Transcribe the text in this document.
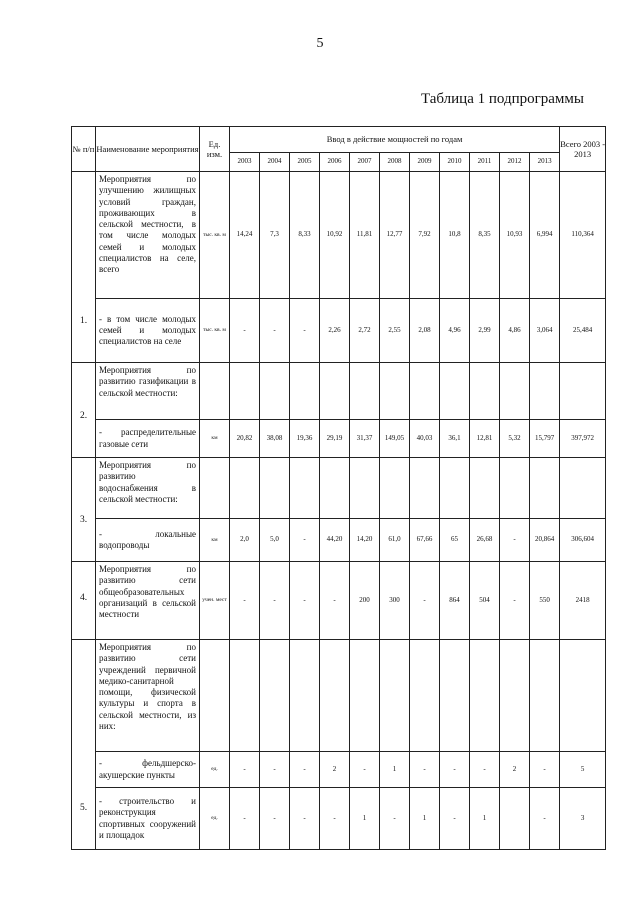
5
Таблица 1 подпрограммы
№ п/п	Наименование мероприятия	Ед. изм.	Ввод в действие мощностей по годам											Всего 2003 - 2013
			2003	2004	2005	2006	2007	2008	2009	2010	2011	2012	2013	
1.	Мероприятия по улучшению жилищных условий граждан, проживающих в сельской местности, в том числе молодых семей и молодых специалистов на селе, всего	тыс. кв. м	14,24	7,3	8,33	10,92	11,81	12,77	7,92	10,8	8,35	10,93	6,994	110,364
	- в том числе молодых семей и молодых специалистов на селе	тыс. кв. м	-	-	-	2,26	2,72	2,55	2,08	4,96	2,99	4,86	3,064	25,484
2.	Мероприятия по развитию газификации в сельской местности:													
	- распределительные газовые сети	км	20,82	38,08	19,36	29,19	31,37	149,05	40,03	36,1	12,81	5,32	15,797	397,972
3.	Мероприятия по развитию водоснабжения в сельской местности:													
	- локальные водопроводы	км	2,0	5,0	-	44,20	14,20	61,0	67,66	65	26,68	-	20,864	306,604
4.	Мероприятия по развитию сети общеобразовательных организаций в сельской местности	учен. мест	-	-	-	-	200	300	-	864	504	-	550	2418
5.	Мероприятия по развитию сети учреждений первичной медико-санитарной помощи, физической культуры и спорта в сельской местности, из них:													
	- фельдшерско-акушерские пункты	ед.	-	-	-	2	-	1	-	-	-	2	-	5
	- строительство и реконструкция спортивных сооружений и площадок	ед.	-	-	-	-	1	-	1	-	1		-	3
